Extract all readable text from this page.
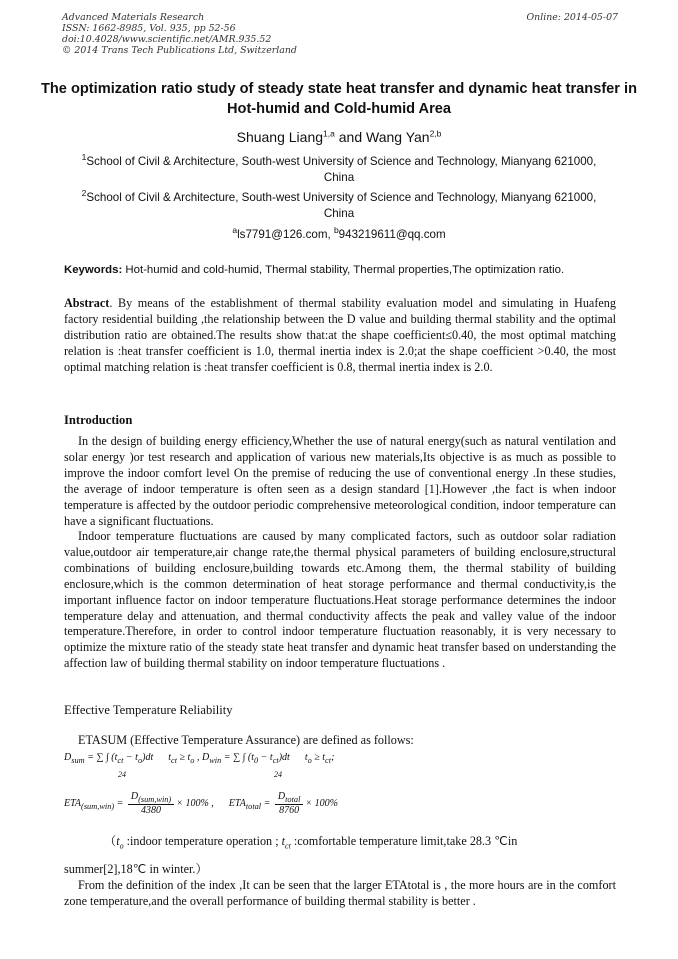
Advanced Materials Research
ISSN: 1662-8985, Vol. 935, pp 52-56
doi:10.4028/www.scientific.net/AMR.935.52
© 2014 Trans Tech Publications Ltd, Switzerland
Online: 2014-05-07
The optimization ratio study of steady state heat transfer and dynamic heat transfer in Hot-humid and Cold-humid Area
Shuang Liang$^{1,a}$ and Wang Yan$^{2,b}$
$^1$School of Civil & Architecture, South-west University of Science and Technology, Mianyang 621000, China
$^2$School of Civil & Architecture, South-west University of Science and Technology, Mianyang 621000, China
$^a$ls7791@126.com, $^b$943219611@qq.com
Keywords: Hot-humid and cold-humid, Thermal stability, Thermal properties,The optimization ratio.
Abstract. By means of the establishment of thermal stability evaluation model and simulating in Huafeng factory residential building ,the relationship between the D value and building thermal stability and the optimal distribution ratio are obtained.The results show that:at the shape coefficient≤0.40, the most optimal matching relation is :heat transfer coefficient is 1.0, thermal inertia index is 2.0;at the shape coefficient >0.40, the most optimal matching relation is :heat transfer coefficient is 0.8, thermal inertia index is 2.0.
Introduction
In the design of building energy efficiency,Whether the use of natural energy(such as natural ventilation and solar energy )or test research and application of various new materials,Its objective is as much as possible to improve the indoor comfort level On the premise of reducing the use of conventional energy .In these studies, the average of indoor temperature is often seen as a design standard [1].However ,the fact is when indoor temperature is affected by the outdoor periodic comprehensive meteorological condition, indoor temperature can have a significant fluctuations.
Indoor temperature fluctuations are caused by many complicated factors, such as outdoor solar radiation value,outdoor air temperature,air change rate,the thermal physical parameters of building enclosure,structural combinations of building enclosure,building towards etc.Among them, the thermal stability of building enclosure,which is the common determination of heat storage performance and thermal conductivity,is the important influence factor on indoor temperature fluctuations.Heat storage performance determines the indoor temperature delay and attenuation, and thermal conductivity affects the peak and valley value of the indoor temperature.Therefore, in order to control indoor temperature fluctuation reasonably, it is very necessary to optimize the mixture ratio of the steady state heat transfer and dynamic heat transfer based on understanding the affection law of building thermal stability on indoor temperature fluctuations .
Effective Temperature Reliability
ETASUM (Effective Temperature Assurance) are defined as follows:
$D_{sum}$ = ∑ ∫ $(t_{ct} - t_o)dt$ $t_{ct} \ge t_o$ , $D_{win}$ = ∑ ∫ $(t_0 - t_{ct})dt$ $t_o \ge t_{ct}$;
24	24
$ETA_{(sum,win)} = \frac{D_{(sum,win)}}{4380} \times 100\%$ , $ETA_{total} = \frac{D_{total}}{8760} \times 100\%$
（$t_o$ :indoor temperature operation ; $t_{ct}$ :comfortable temperature limit,take 28.3 ℃in
summer[2],18℃ in winter.）
From the definition of the index ,It can be seen that the larger ETAtotal is , the more hours are in the comfort zone temperature,and the overall performance of building thermal stability is better .
